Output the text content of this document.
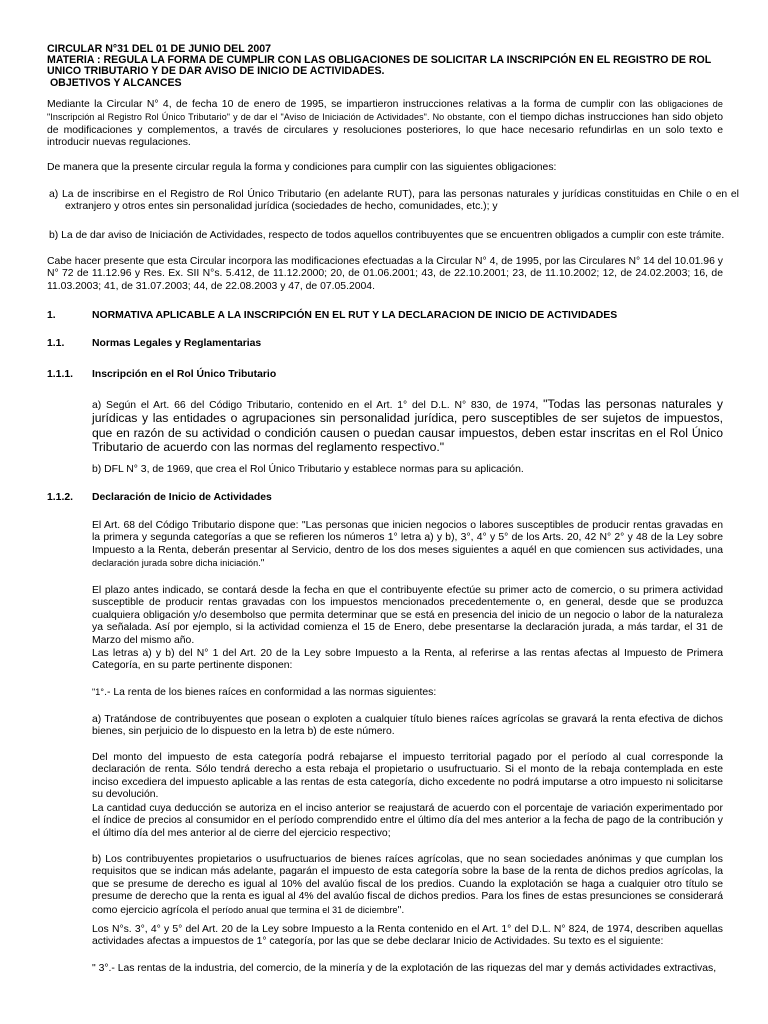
CIRCULAR N°31 DEL 01 DE JUNIO DEL 2007
MATERIA : REGULA LA FORMA DE CUMPLIR CON LAS OBLIGACIONES DE SOLICITAR LA INSCRIPCIÓN EN EL REGISTRO DE ROL
UNICO TRIBUTARIO Y DE DAR AVISO DE INICIO DE ACTIVIDADES.
OBJETIVOS Y ALCANCES

Mediante la Circular N° 4, de fecha 10 de enero de 1995, se impartieron instrucciones relativas a la forma de cumplir con las obligaciones de "Inscripción al Registro Rol Único Tributario" y de dar el "Aviso de Iniciación de Actividades". No obstante, con el tiempo dichas instrucciones han sido objeto de modificaciones y complementos, a través de circulares y resoluciones posteriores, lo que hace necesario refundirlas en un solo texto e introducir nuevas regulaciones.

De manera que la presente circular regula la forma y condiciones para cumplir con las siguientes obligaciones:

a) La de inscribirse en el Registro de Rol Único Tributario (en adelante RUT), para las personas naturales y jurídicas constituidas en Chile o en el extranjero y otros entes sin personalidad jurídica (sociedades de hecho, comunidades, etc.); y

b) La de dar aviso de Iniciación de Actividades, respecto de todos aquellos contribuyentes que se encuentren obligados a cumplir con este trámite.

Cabe hacer presente que esta Circular incorpora las modificaciones efectuadas a la Circular N° 4, de 1995, por las Circulares N° 14 del 10.01.96 y N° 72 de 11.12.96 y Res. Ex. SII N°s. 5.412, de 11.12.2000; 20, de 01.06.2001; 43, de 22.10.2001; 23, de 11.10.2002; 12, de 24.02.2003; 16, de 11.03.2003; 41, de 31.07.2003; 44, de 22.08.2003 y 47, de 07.05.2004.

1.	NORMATIVA APLICABLE A LA INSCRIPCIÓN EN EL RUT Y LA DECLARACION DE INICIO DE ACTIVIDADES
1.1.	Normas Legales y Reglamentarias
1.1.1. Inscripción en el Rol Único Tributario

a) Según el Art. 66 del Código Tributario, contenido en el Art. 1° del D.L. N° 830, de 1974, "Todas las personas naturales y jurídicas y las entidades o agrupaciones sin personalidad jurídica, pero susceptibles de ser sujetos de impuestos, que en razón de su actividad o condición causen o puedan causar impuestos, deben estar inscritas en el Rol Único Tributario de acuerdo con las normas del reglamento respectivo."

b) DFL N° 3, de 1969, que crea el Rol Único Tributario y establece normas para su aplicación.

1.1.2. Declaración de Inicio de Actividades

El Art. 68 del Código Tributario dispone que: "Las personas que inicien negocios o labores susceptibles de producir rentas gravadas en la primera y segunda categorías a que se refieren los números 1° letra a) y b), 3°, 4° y 5° de los Arts. 20, 42 N° 2° y 48 de la Ley sobre Impuesto a la Renta, deberán presentar al Servicio, dentro de los dos meses siguientes a aquél en que comiencen sus actividades, una declaración jurada sobre dicha iniciación."

El plazo antes indicado, se contará desde la fecha en que el contribuyente efectúe su primer acto de comercio, o su primera actividad susceptible de producir rentas gravadas con los impuestos mencionados precedentemente o, en general, desde que se produzca cualquiera obligación y/o desembolso que permita determinar que se está en presencia del inicio de un negocio o labor de la naturaleza ya señalada. Así por ejemplo, si la actividad comienza el 15 de Enero, debe presentarse la declaración jurada, a más tardar, el 31 de Marzo del mismo año.

Las letras a) y b) del N° 1 del Art. 20 de la Ley sobre Impuesto a la Renta, al referirse a las rentas afectas al Impuesto de Primera Categoría, en su parte pertinente disponen:

"1°.- La renta de los bienes raíces en conformidad a las normas siguientes:

a) Tratándose de contribuyentes que posean o exploten a cualquier título bienes raíces agrícolas se gravará la renta efectiva de dichos bienes, sin perjuicio de lo dispuesto en la letra b) de este número.

Del monto del impuesto de esta categoría podrá rebajarse el impuesto territorial pagado por el período al cual corresponde la declaración de renta. Sólo tendrá derecho a esta rebaja el propietario o usufructuario. Si el monto de la rebaja contemplada en este inciso excediera del impuesto aplicable a las rentas de esta categoría, dicho excedente no podrá imputarse a otro impuesto ni solicitarse su devolución.

La cantidad cuya deducción se autoriza en el inciso anterior se reajustará de acuerdo con el porcentaje de variación experimentado por el índice de precios al consumidor en el período comprendido entre el último día del mes anterior a la fecha de pago de la contribución y el último día del mes anterior al de cierre del ejercicio respectivo;

b) Los contribuyentes propietarios o usufructuarios de bienes raíces agrícolas, que no sean sociedades anónimas y que cumplan los requisitos que se indican más adelante, pagarán el impuesto de esta categoría sobre la base de la renta de dichos predios agrícolas, la que se presume de derecho es igual al 10% del avalúo fiscal de los predios. Cuando la explotación se haga a cualquier otro título se presume de derecho que la renta es igual al 4% del avalúo fiscal de dichos predios. Para los fines de estas presunciones se considerará como ejercicio agrícola el período anual que termina el 31 de diciembre".

Los N°s. 3°, 4° y 5° del Art. 20 de la Ley sobre Impuesto a la Renta contenido en el Art. 1° del D.L. N° 824, de 1974, describen aquellas actividades afectas a impuestos de 1° categoría, por las que se debe declarar Inicio de Actividades. Su texto es el siguiente:

" 3°.- Las rentas de la industria, del comercio, de la minería y de la explotación de las riquezas del mar y demás actividades extractivas,
